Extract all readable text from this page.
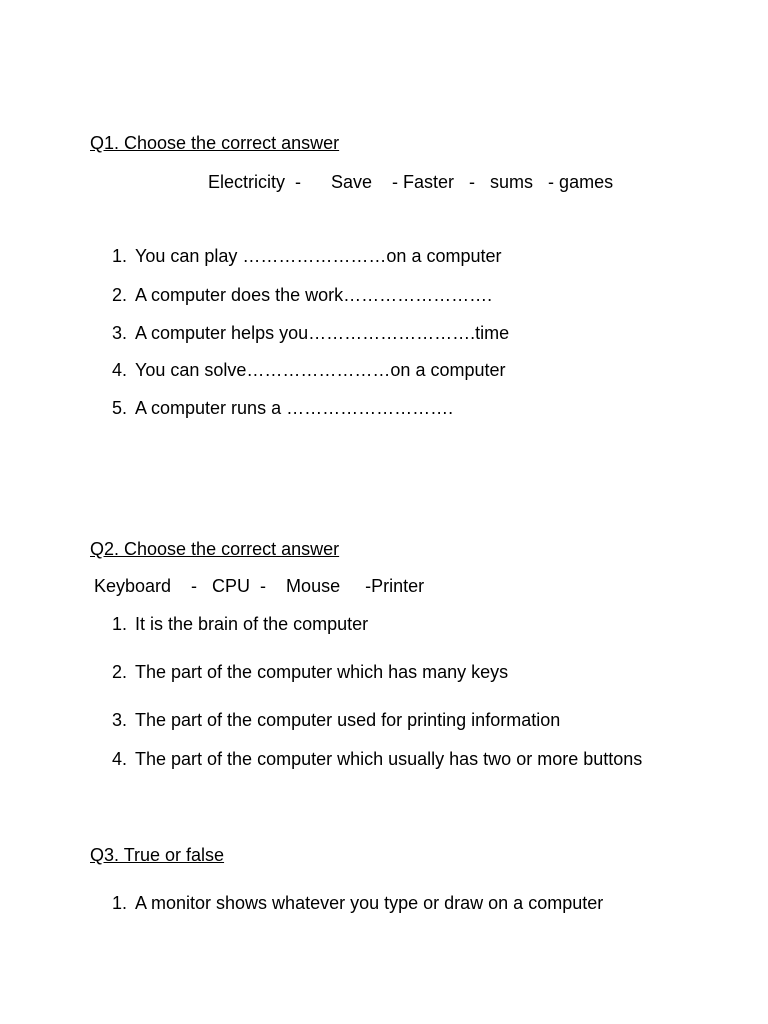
Q1. Choose the correct answer
Electricity  -      Save    - Faster   -   sums   - games
1. You can play ……………………on a computer
2. A computer does the work…………………….
3. A computer helps you……………………….time
4. You can solve……………………on a computer
5. A computer runs a ……………………….
Q2. Choose the correct answer
Keyboard    -   CPU  -    Mouse     -Printer
1. It is the brain of the computer
2. The part of the computer which has many keys
3. The part of the computer used for printing information
4. The part of the computer which usually has two or more buttons
Q3. True or false
1. A monitor shows whatever you type or draw on a computer
